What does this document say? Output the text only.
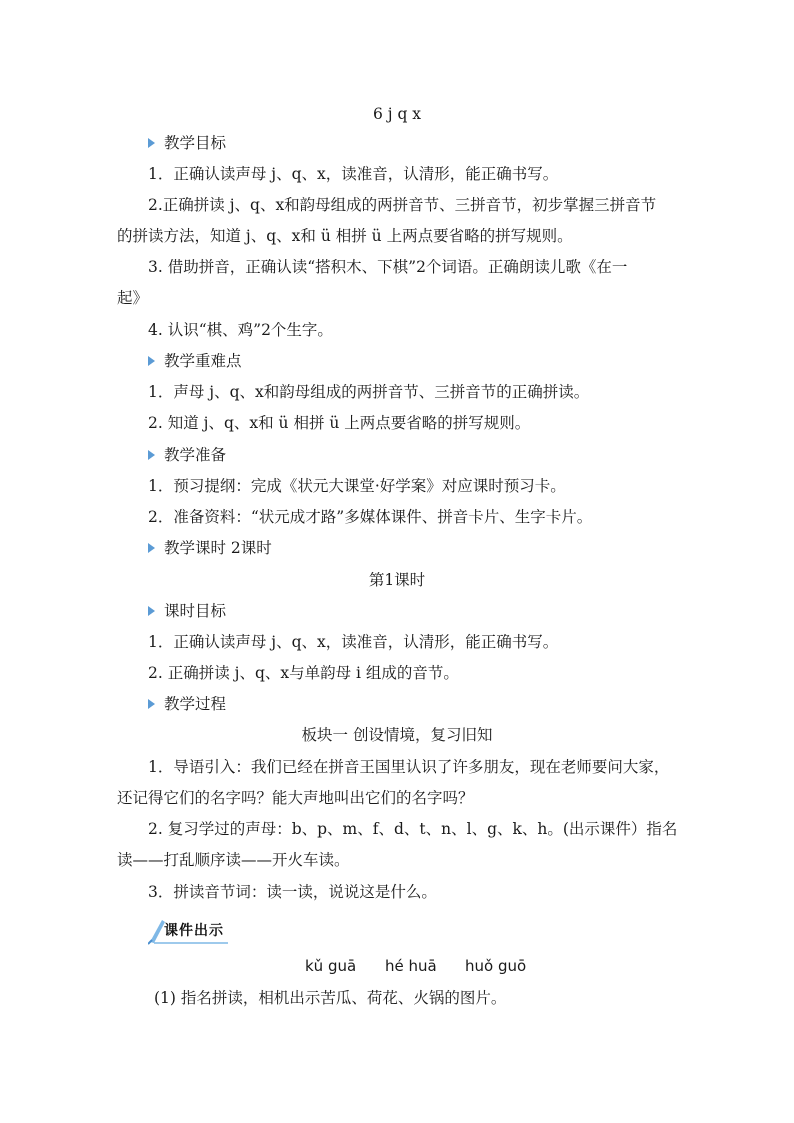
6 j q x
教学目标
1．正确认读声母 j、q、x，读准音，认清形，能正确书写。
2.正确拼读 j、q、x和韵母组成的两拼音节、三拼音节，初步掌握三拼音节
的拼读方法，知道 j、q、x和 ü 相拼 ü 上两点要省略的拼写规则。
3. 借助拼音，正确认读“搭积木、下棋”2个词语。正确朗读儿歌《在一
起》
4. 认识“棋、鸡”2个生字。
教学重难点
1．声母 j、q、x和韵母组成的两拼音节、三拼音节的正确拼读。
2. 知道 j、q、x和 ü 相拼 ü 上两点要省略的拼写规则。
教学准备
1．预习提纲：完成《状元大课堂·好学案》对应课时预习卡。
2．准备资料：“状元成才路”多媒体课件、拼音卡片、生字卡片。
教学课时 2课时
第1课时
课时目标
1．正确认读声母 j、q、x，读准音，认清形，能正确书写。
2. 正确拼读 j、q、x与单韵母 i 组成的音节。
教学过程
板块一 创设情境，复习旧知
1．导语引入：我们已经在拼音王国里认识了许多朋友，现在老师要问大家，
还记得它们的名字吗？能大声地叫出它们的名字吗？
2. 复习学过的声母：b、p、m、f、d、t、n、l、g、k、h。(出示课件）指名
读——打乱顺序读——开火车读。
3．拼读音节词：读一读，说说这是什么。
课件出示
kǔ guā hé huā huǒ guō
(1) 指名拼读，相机出示苦瓜、荷花、火锅的图片。
